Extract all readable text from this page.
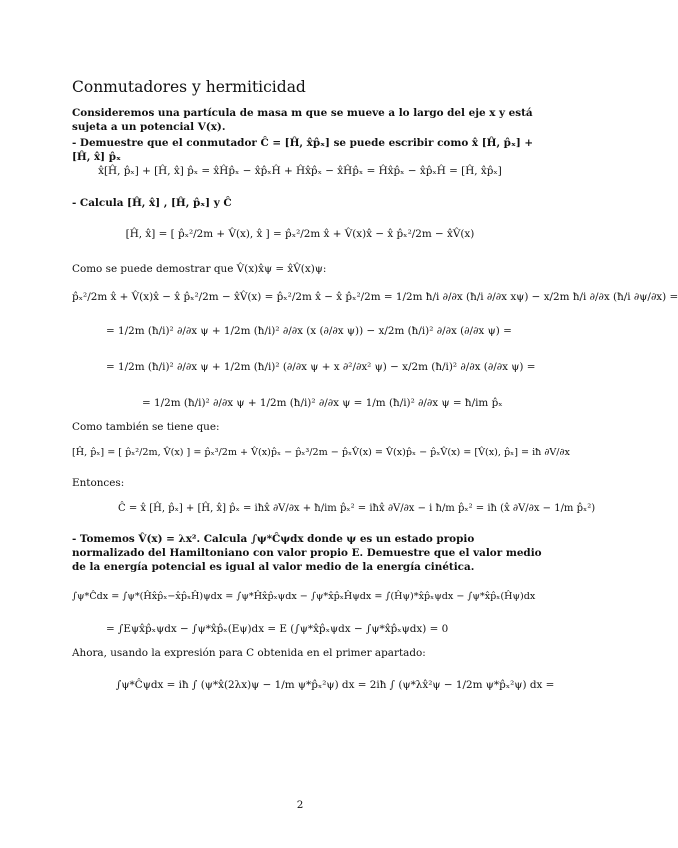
Conmutadores y hermiticidad
Consideremos una partícula de masa m que se mueve a lo largo del eje x y está sujeta a un potencial V(x).
- Demuestre que el conmutador Ĉ = [Ĥ, x̂p̂ₓ] se puede escribir como x̂ [Ĥ, p̂ₓ] + [Ĥ, x̂] p̂ₓ
x̂[Ĥ, p̂ₓ] + [Ĥ, x̂] p̂ₓ = x̂Ĥp̂ₓ − x̂p̂ₓĤ + Ĥx̂p̂ₓ − x̂Ĥp̂ₓ = Ĥx̂p̂ₓ − x̂p̂ₓĤ = [Ĥ, x̂p̂ₓ]
- Calcula [Ĥ, x̂] , [Ĥ, p̂ₓ] y Ĉ
[Ĥ, x̂] = [ p̂ₓ²/2m + V̂(x), x̂ ] = p̂ₓ²/2m x̂ + V̂(x)x̂ − x̂ p̂ₓ²/2m − x̂V̂(x)
Como se puede demostrar que V̂(x)x̂ψ = x̂V̂(x)ψ:
p̂ₓ²/2m x̂ + V̂(x)x̂ − x̂ p̂ₓ²/2m − x̂V̂(x) = p̂ₓ²/2m x̂ − x̂ p̂ₓ²/2m = 1/2m ħ/i ∂/∂x (ħ/i ∂/∂x xψ) − x/2m ħ/i ∂/∂x (ħ/i ∂ψ/∂x) =
= 1/2m (ħ/i)² ∂/∂x ψ + 1/2m (ħ/i)² ∂/∂x (x (∂/∂x ψ)) − x/2m (ħ/i)² ∂/∂x (∂/∂x ψ) =
= 1/2m (ħ/i)² ∂/∂x ψ + 1/2m (ħ/i)² (∂/∂x ψ + x ∂²/∂x² ψ) − x/2m (ħ/i)² ∂/∂x (∂/∂x ψ) =
= 1/2m (ħ/i)² ∂/∂x ψ + 1/2m (ħ/i)² ∂/∂x ψ = 1/m (ħ/i)² ∂/∂x ψ = ħ/im p̂ₓ
Como también se tiene que:
[Ĥ, p̂ₓ] = [ p̂ₓ²/2m, V̂(x) ] = p̂ₓ³/2m + V̂(x)p̂ₓ − p̂ₓ³/2m − p̂ₓV̂(x) = V̂(x)p̂ₓ − p̂ₓV̂(x) = [V̂(x), p̂ₓ] = iħ ∂V/∂x
Entonces:
Ĉ = x̂ [Ĥ, p̂ₓ] + [Ĥ, x̂] p̂ₓ = iħx̂ ∂V/∂x + ħ/im p̂ₓ² = iħx̂ ∂V/∂x − i ħ/m p̂ₓ² = iħ (x̂ ∂V/∂x − 1/m p̂ₓ²)
- Tomemos V̂(x) = λx². Calcula ∫ψ*Ĉψdx donde ψ es un estado propio normalizado del Hamiltoniano con valor propio E. Demuestre que el valor medio de la energía potencial es igual al valor medio de la energía cinética.
∫ψ*Ĉdx = ∫ψ*(Ĥx̂p̂ₓ−x̂p̂ₓĤ)ψdx = ∫ψ*Ĥx̂p̂ₓψdx − ∫ψ*x̂p̂ₓĤψdx = ∫(Ĥψ)*x̂p̂ₓψdx − ∫ψ*x̂p̂ₓ(Ĥψ)dx
= ∫Eψx̂p̂ₓψdx − ∫ψ*x̂p̂ₓ(Eψ)dx = E (∫ψ*x̂p̂ₓψdx − ∫ψ*x̂p̂ₓψdx) = 0
Ahora, usando la expresión para C obtenida en el primer apartado:
∫ψ*Ĉψdx = iħ ∫ (ψ*x̂(2λx)ψ − 1/m ψ*p̂ₓ²ψ) dx = 2iħ ∫ (ψ*λx̂²ψ − 1/2m ψ*p̂ₓ²ψ) dx =
2
